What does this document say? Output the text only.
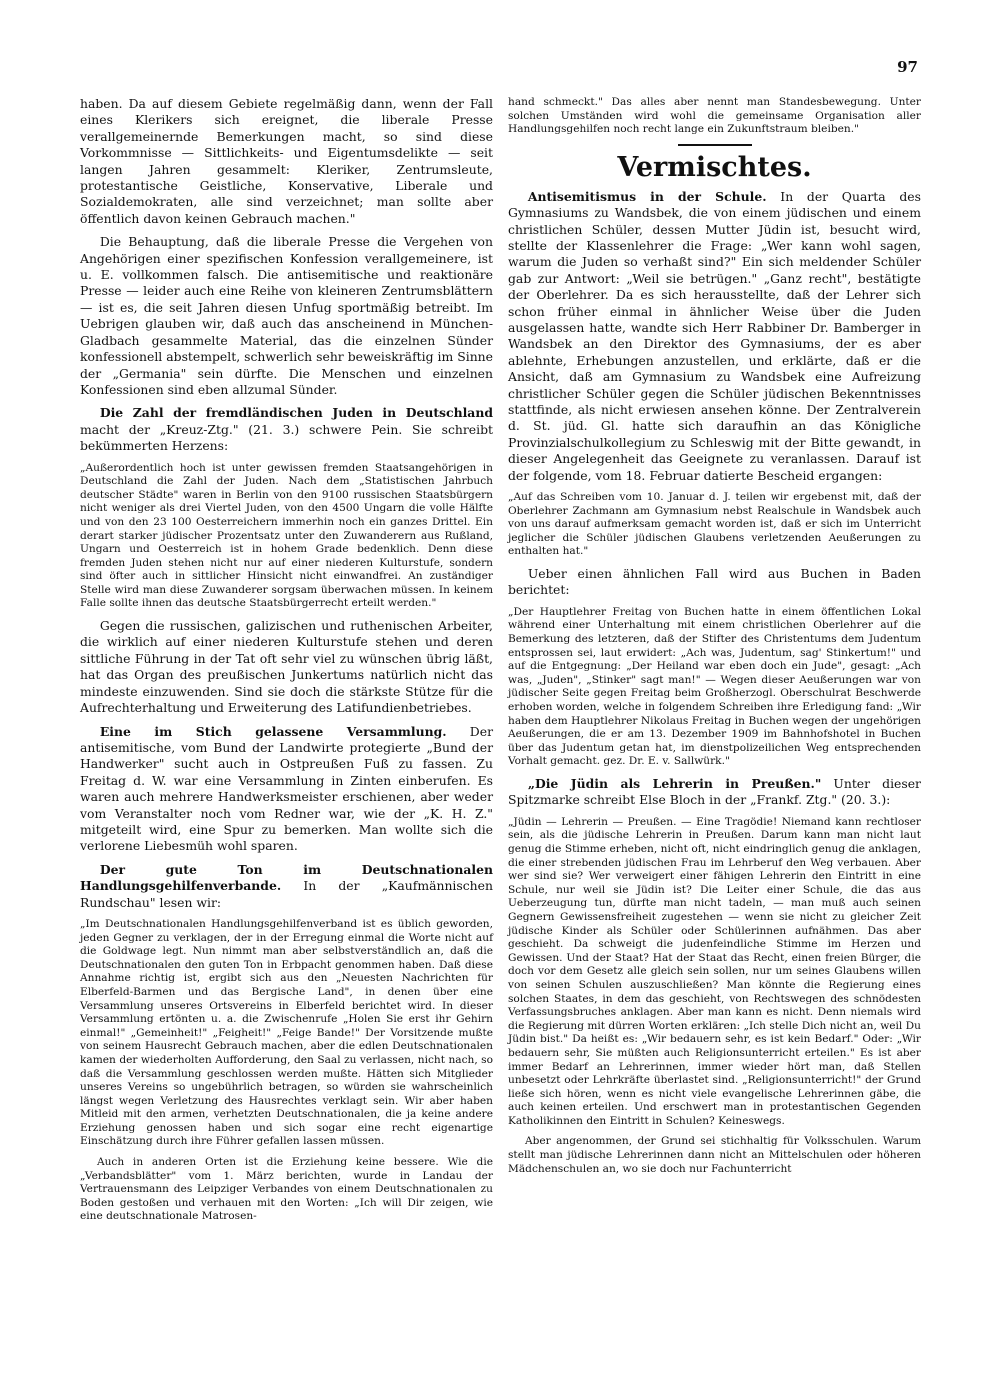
97

haben. Da auf diesem Gebiete regelmäßig dann, wenn der Fall eines Klerikers sich ereignet, die liberale Presse verallgemeinernde Bemerkungen macht, so sind diese Vorkommnisse — Sittlichkeits- und Eigentumsdelikte — seit langen Jahren gesammelt: Kleriker, Zentrumsleute, protestantische Geistliche, Konservative, Liberale und Sozialdemokraten, alle sind verzeichnet; man sollte aber öffentlich davon keinen Gebrauch machen."

Die Behauptung, daß die liberale Presse die Vergehen von Angehörigen einer spezifischen Konfession verallgemeinere, ist u. E. vollkommen falsch. Die antisemitische und reaktionäre Presse — leider auch eine Reihe von kleineren Zentrumsblättern — ist es, die seit Jahren diesen Unfug sportmäßig betreibt. Im Uebrigen glauben wir, daß auch das anscheinend in München-Gladbach gesammelte Material, das die einzelnen Sünder konfessionell abstempelt, schwerlich sehr beweiskräftig im Sinne der „Germania" sein dürfte. Die Menschen und einzelnen Konfessionen sind eben allzumal Sünder.

Die Zahl der fremdländischen Juden in Deutschland macht der „Kreuz-Ztg." (21. 3.) schwere Pein. Sie schreibt bekümmerten Herzens:

„Außerordentlich hoch ist unter gewissen fremden Staatsangehörigen in Deutschland die Zahl der Juden. Nach dem „Statistischen Jahrbuch deutscher Städte" waren in Berlin von den 9100 russischen Staatsbürgern nicht weniger als drei Viertel Juden, von den 4500 Ungarn die volle Hälfte und von den 23 100 Oesterreichern immerhin noch ein ganzes Drittel. Ein derart starker jüdischer Prozentsatz unter den Zuwanderern aus Rußland, Ungarn und Oesterreich ist in hohem Grade bedenklich. Denn diese fremden Juden stehen nicht nur auf einer niederen Kulturstufe, sondern sind öfter auch in sittlicher Hinsicht nicht einwandfrei. An zuständiger Stelle wird man diese Zuwanderer sorgsam überwachen müssen. In keinem Falle sollte ihnen das deutsche Staatsbürgerrecht erteilt werden."

Gegen die russischen, galizischen und ruthenischen Arbeiter, die wirklich auf einer niederen Kulturstufe stehen und deren sittliche Führung in der Tat oft sehr viel zu wünschen übrig läßt, hat das Organ des preußischen Junkertums natürlich nicht das mindeste einzuwenden. Sind sie doch die stärkste Stütze für die Aufrechterhaltung und Erweiterung des Latifundienbetriebes.

Eine im Stich gelassene Versammlung. Der antisemitische, vom Bund der Landwirte protegierte „Bund der Handwerker" sucht auch in Ostpreußen Fuß zu fassen. Zu Freitag d. W. war eine Versammlung in Zinten einberufen. Es waren auch mehrere Handwerksmeister erschienen, aber weder vom Veranstalter noch vom Redner war, wie der „K. H. Z." mitgeteilt wird, eine Spur zu bemerken. Man wollte sich die verlorene Liebesmüh wohl sparen.

Der gute Ton im Deutschnationalen Handlungsgehilfenverbande. In der „Kaufmännischen Rundschau" lesen wir:

„Im Deutschnationalen Handlungsgehilfenverband ist es üblich geworden, jeden Gegner zu verklagen, der in der Erregung einmal die Worte nicht auf die Goldwage legt. Nun nimmt man aber selbstverständlich an, daß die Deutschnationalen den guten Ton in Erbpacht genommen haben. Daß diese Annahme richtig ist, ergibt sich aus den „Neuesten Nachrichten für Elberfeld-Barmen und das Bergische Land", in denen über eine Versammlung unseres Ortsvereins in Elberfeld berichtet wird. In dieser Versammlung ertönten u. a. die Zwischenrufe „Holen Sie erst ihr Gehirn einmal!" „Gemeinheit!" „Feigheit!" „Feige Bande!" Der Vorsitzende mußte von seinem Hausrecht Gebrauch machen, aber die edlen Deutschnationalen kamen der wiederholten Aufforderung, den Saal zu verlassen, nicht nach, so daß die Versammlung geschlossen werden mußte. Hätten sich Mitglieder unseres Vereins so ungebührlich betragen, so würden sie wahrscheinlich längst wegen Verletzung des Hausrechtes verklagt sein. Wir aber haben Mitleid mit den armen, verhetzten Deutschnationalen, die ja keine andere Erziehung genossen haben und sich sogar eine recht eigenartige Einschätzung durch ihre Führer gefallen lassen müssen.

Auch in anderen Orten ist die Erziehung keine bessere. Wie die „Verbandsblätter" vom 1. März berichten, wurde in Landau der Vertrauensmann des Leipziger Verbandes von einem Deutschnationalen zu Boden gestoßen und verhauen mit den Worten: „Ich will Dir zeigen, wie eine deutschnationale Matrosen-

hand schmeckt." Das alles aber nennt man Standesbewegung. Unter solchen Umständen wird wohl die gemeinsame Organisation aller Handlungsgehilfen noch recht lange ein Zukunftstraum bleiben."

Vermischtes.

Antisemitismus in der Schule. In der Quarta des Gymnasiums zu Wandsbek, die von einem jüdischen und einem christlichen Schüler, dessen Mutter Jüdin ist, besucht wird, stellte der Klassenlehrer die Frage: „Wer kann wohl sagen, warum die Juden so verhaßt sind?" Ein sich meldender Schüler gab zur Antwort: „Weil sie betrügen." „Ganz recht", bestätigte der Oberlehrer. Da es sich herausstellte, daß der Lehrer sich schon früher einmal in ähnlicher Weise über die Juden ausgelassen hatte, wandte sich Herr Rabbiner Dr. Bamberger in Wandsbek an den Direktor des Gymnasiums, der es aber ablehnte, Erhebungen anzustellen, und erklärte, daß er die Ansicht, daß am Gymnasium zu Wandsbek eine Aufreizung christlicher Schüler gegen die Schüler jüdischen Bekenntnisses stattfinde, als nicht erwiesen ansehen könne. Der Zentralverein d. St. jüd. Gl. hatte sich daraufhin an das Königliche Provinzialschulkollegium zu Schleswig mit der Bitte gewandt, in dieser Angelegenheit das Geeignete zu veranlassen. Darauf ist der folgende, vom 18. Februar datierte Bescheid ergangen:

„Auf das Schreiben vom 10. Januar d. J. teilen wir ergebenst mit, daß der Oberlehrer Zachmann am Gymnasium nebst Realschule in Wandsbek auch von uns darauf aufmerksam gemacht worden ist, daß er sich im Unterricht jeglicher die Schüler jüdischen Glaubens verletzenden Aeußerungen zu enthalten hat."

Ueber einen ähnlichen Fall wird aus Buchen in Baden berichtet:

„Der Hauptlehrer Freitag von Buchen hatte in einem öffentlichen Lokal während einer Unterhaltung mit einem christlichen Oberlehrer auf die Bemerkung des letzteren, daß der Stifter des Christentums dem Judentum entsprossen sei, laut erwidert: „Ach was, Judentum, sag' Stinkertum!" und auf die Entgegnung: „Der Heiland war eben doch ein Jude", gesagt: „Ach was, „Juden", „Stinker" sagt man!" — Wegen dieser Aeußerungen war von jüdischer Seite gegen Freitag beim Großherzogl. Oberschulrat Beschwerde erhoben worden, welche in folgendem Schreiben ihre Erledigung fand: „Wir haben dem Hauptlehrer Nikolaus Freitag in Buchen wegen der ungehörigen Aeußerungen, die er am 13. Dezember 1909 im Bahnhofshotel in Buchen über das Judentum getan hat, im dienstpolizeilichen Weg entsprechenden Vorhalt gemacht. gez. Dr. E. v. Sallwürk."

„Die Jüdin als Lehrerin in Preußen." Unter dieser Spitzmarke schreibt Else Bloch in der „Frankf. Ztg." (20. 3.):

„Jüdin — Lehrerin — Preußen. — Eine Tragödie! Niemand kann rechtloser sein, als die jüdische Lehrerin in Preußen. Darum kann man nicht laut genug die Stimme erheben, nicht oft, nicht eindringlich genug die anklagen, die einer strebenden jüdischen Frau im Lehrberuf den Weg verbauen. Aber wer sind sie? Wer verweigert einer fähigen Lehrerin den Eintritt in eine Schule, nur weil sie Jüdin ist? Die Leiter einer Schule, die das aus Ueberzeugung tun, dürfte man nicht tadeln, — man muß auch seinen Gegnern Gewissensfreiheit zugestehen — wenn sie nicht zu gleicher Zeit jüdische Kinder als Schüler oder Schülerinnen aufnähmen. Das aber geschieht. Da schweigt die judenfeindliche Stimme im Herzen und Gewissen. Und der Staat? Hat der Staat das Recht, einen freien Bürger, die doch vor dem Gesetz alle gleich sein sollen, nur um seines Glaubens willen von seinen Schulen auszuschließen? Man könnte die Regierung eines solchen Staates, in dem das geschieht, von Rechtswegen des schnödesten Verfassungsbruches anklagen. Aber man kann es nicht. Denn niemals wird die Regierung mit dürren Worten erklären: „Ich stelle Dich nicht an, weil Du Jüdin bist." Da heißt es: „Wir bedauern sehr, es ist kein Bedarf." Oder: „Wir bedauern sehr, Sie müßten auch Religionsunterricht erteilen." Es ist aber immer Bedarf an Lehrerinnen, immer wieder hört man, daß Stellen unbesetzt oder Lehrkräfte überlastet sind. „Religionsunterricht!" der Grund ließe sich hören, wenn es nicht viele evangelische Lehrerinnen gäbe, die auch keinen erteilen. Und erschwert man in protestantischen Gegenden Katholikinnen den Eintritt in Schulen? Keineswegs.

Aber angenommen, der Grund sei stichhaltig für Volksschulen. Warum stellt man jüdische Lehrerinnen dann nicht an Mittelschulen oder höheren Mädchenschulen an, wo sie doch nur Fachunterricht
